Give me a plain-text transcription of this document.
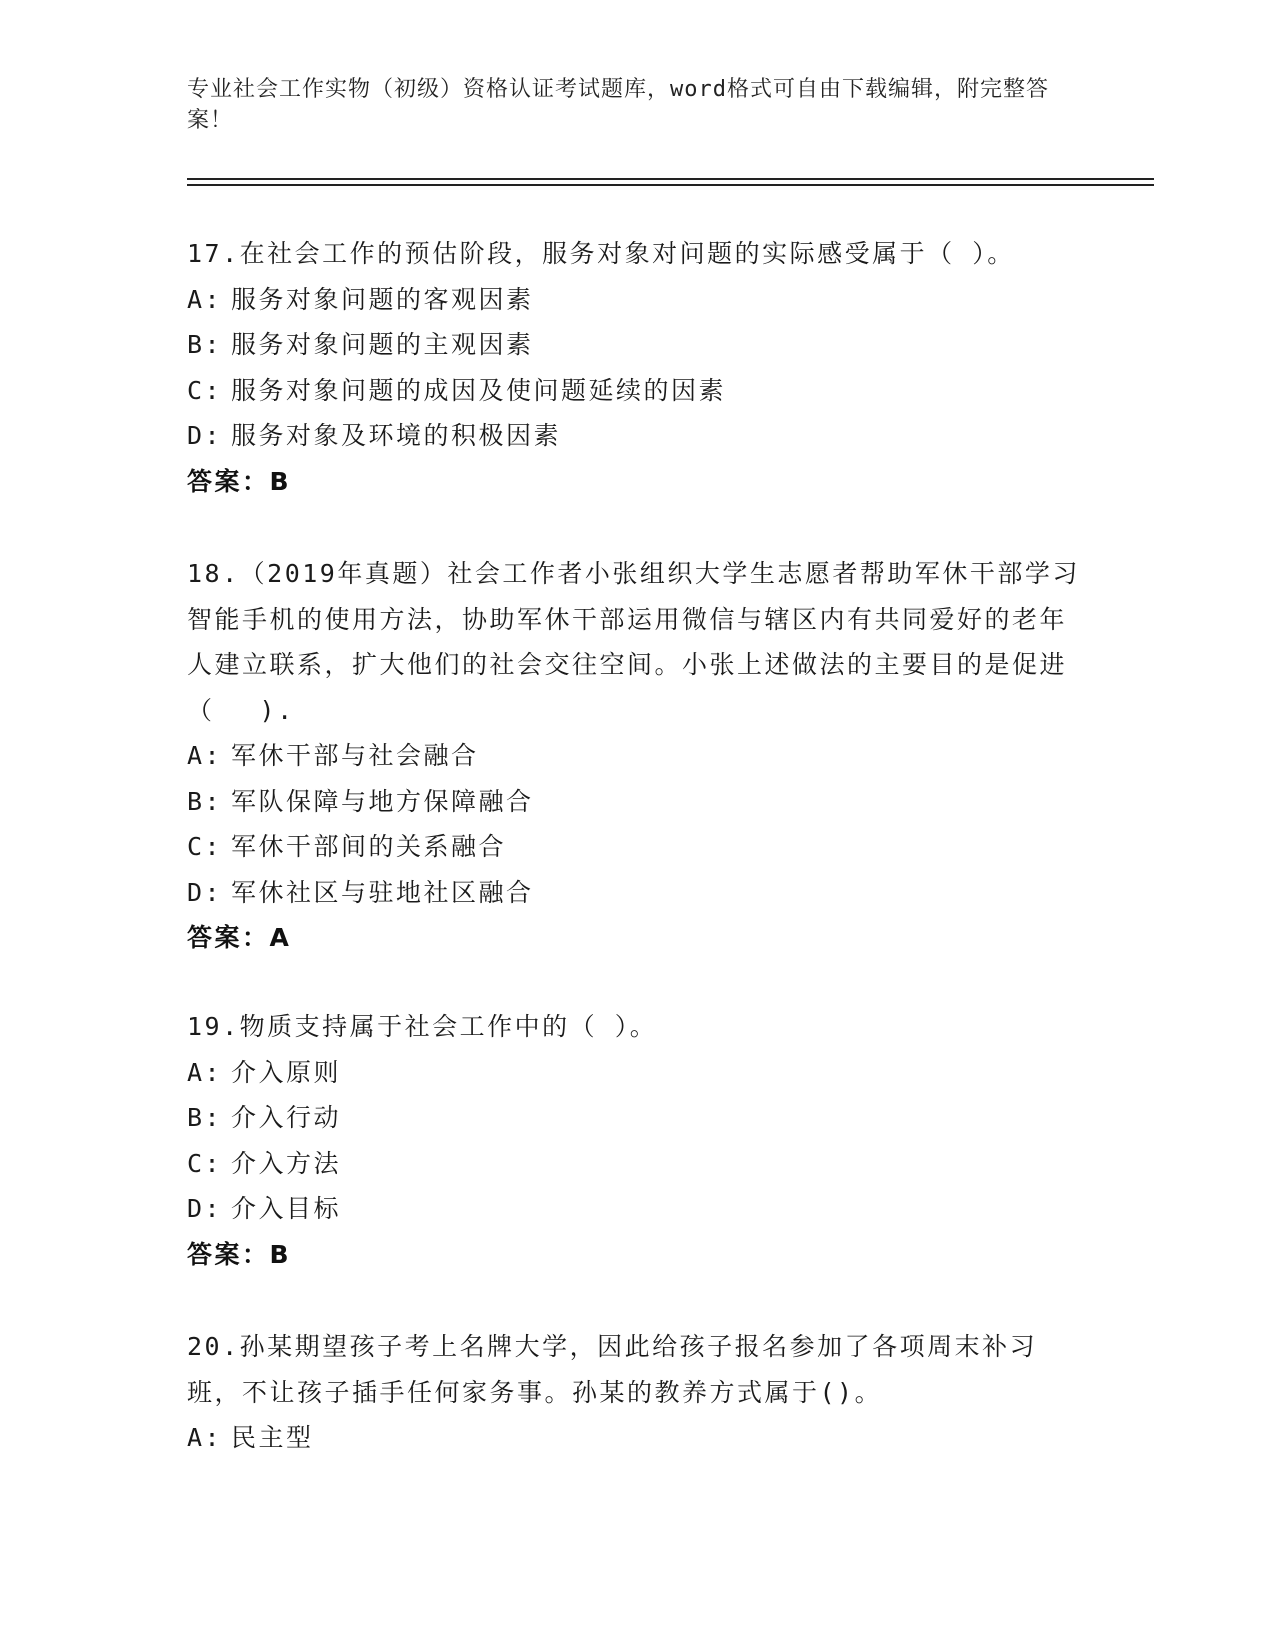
专业社会工作实物（初级）资格认证考试题库，word格式可自由下载编辑，附完整答案！
17.在社会工作的预估阶段，服务对象对问题的实际感受属于（ ）。
A: 服务对象问题的客观因素
B: 服务对象问题的主观因素
C: 服务对象问题的成因及使问题延续的因素
D: 服务对象及环境的积极因素
答案：B
18.（2019年真题）社会工作者小张组织大学生志愿者帮助军休干部学习智能手机的使用方法，协助军休干部运用微信与辖区内有共同爱好的老年人建立联系，扩大他们的社会交往空间。小张上述做法的主要目的是促进（　 ).
A: 军休干部与社会融合
B: 军队保障与地方保障融合
C: 军休干部间的关系融合
D: 军休社区与驻地社区融合
答案：A
19.物质支持属于社会工作中的（ ）。
A: 介入原则
B: 介入行动
C: 介入方法
D: 介入目标
答案：B
20.孙某期望孩子考上名牌大学，因此给孩子报名参加了各项周末补习班，不让孩子插手任何家务事。孙某的教养方式属于()。
A: 民主型
